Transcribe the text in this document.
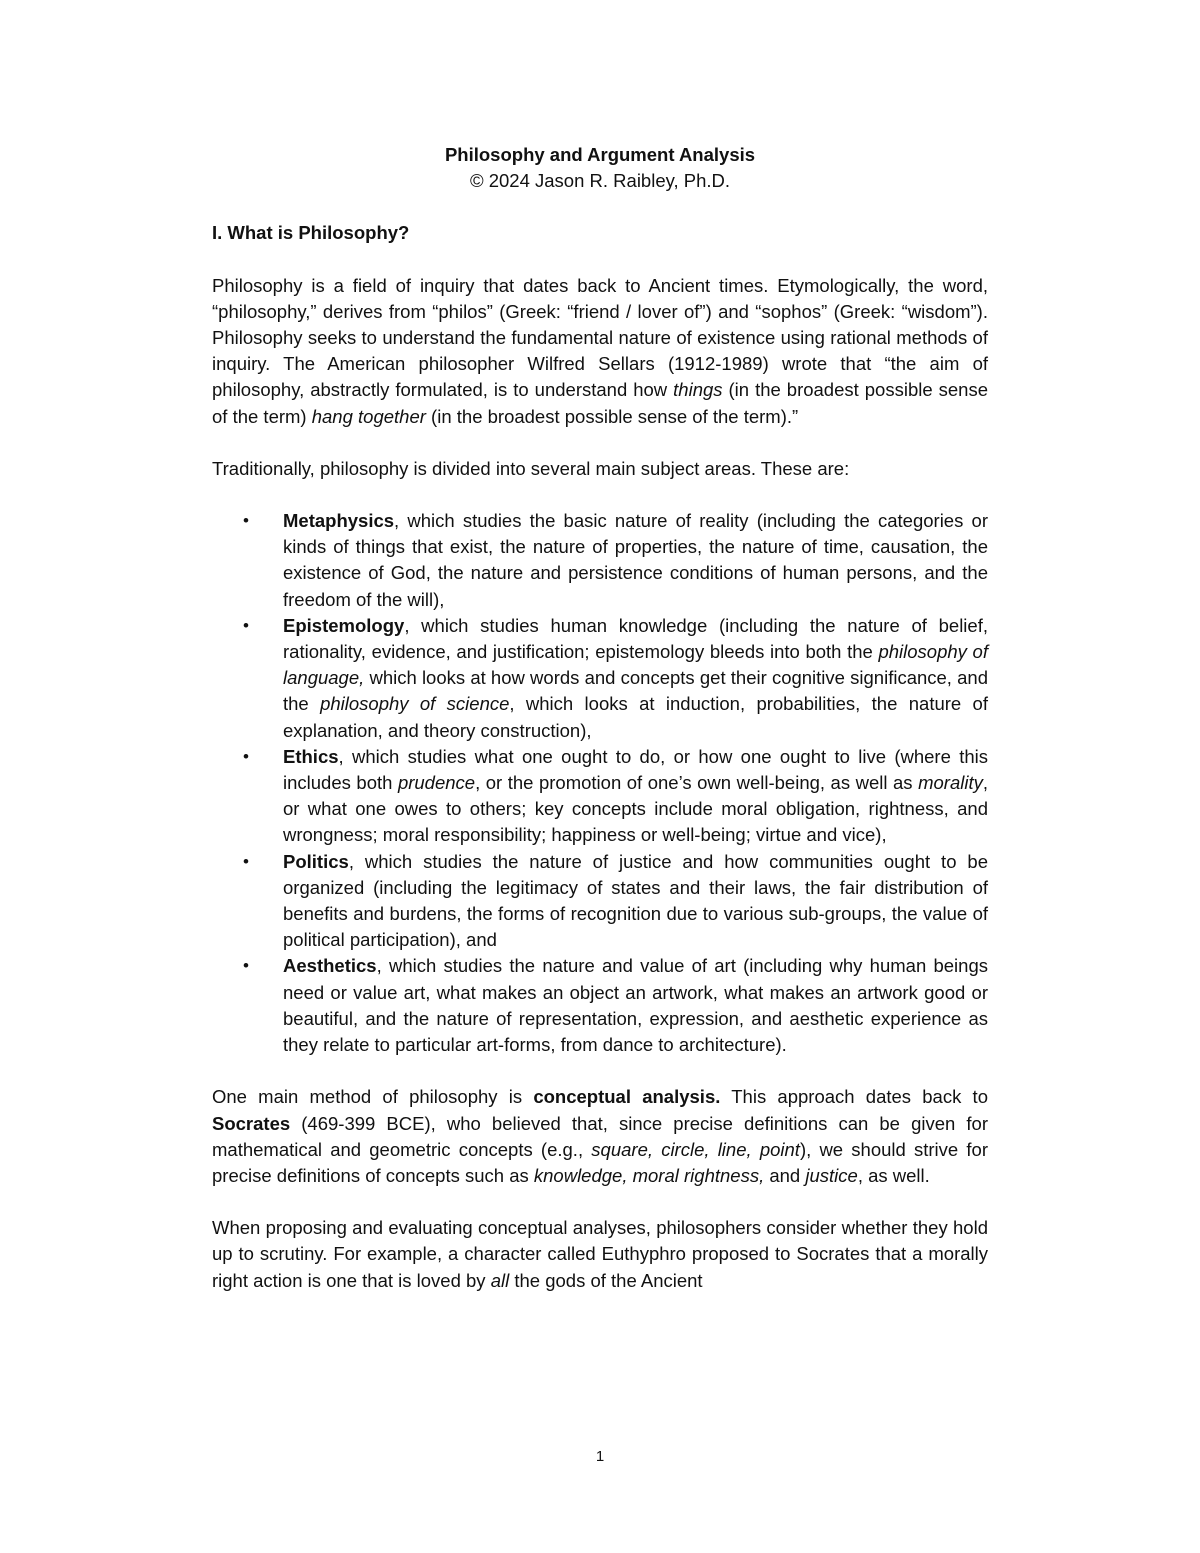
Philosophy and Argument Analysis

© 2024 Jason R. Raibley, Ph.D.

I. What is Philosophy?

Philosophy is a field of inquiry that dates back to Ancient times. Etymologically, the word, “philosophy,” derives from “philos” (Greek: “friend / lover of”) and “sophos” (Greek: “wisdom”). Philosophy seeks to understand the fundamental nature of existence using rational methods of inquiry. The American philosopher Wilfred Sellars (1912-1989) wrote that “the aim of philosophy, abstractly formulated, is to understand how things (in the broadest possible sense of the term) hang together (in the broadest possible sense of the term).”

Traditionally, philosophy is divided into several main subject areas. These are:

• Metaphysics, which studies the basic nature of reality (including the categories or kinds of things that exist, the nature of properties, the nature of time, causation, the existence of God, the nature and persistence conditions of human persons, and the freedom of the will),
• Epistemology, which studies human knowledge (including the nature of belief, rationality, evidence, and justification; epistemology bleeds into both the philosophy of language, which looks at how words and concepts get their cognitive significance, and the philosophy of science, which looks at induction, probabilities, the nature of explanation, and theory construction),
• Ethics, which studies what one ought to do, or how one ought to live (where this includes both prudence, or the promotion of one’s own well-being, as well as morality, or what one owes to others; key concepts include moral obligation, rightness, and wrongness; moral responsibility; happiness or well-being; virtue and vice),
• Politics, which studies the nature of justice and how communities ought to be organized (including the legitimacy of states and their laws, the fair distribution of benefits and burdens, the forms of recognition due to various sub-groups, the value of political participation), and
• Aesthetics, which studies the nature and value of art (including why human beings need or value art, what makes an object an artwork, what makes an artwork good or beautiful, and the nature of representation, expression, and aesthetic experience as they relate to particular art-forms, from dance to architecture).

One main method of philosophy is conceptual analysis. This approach dates back to Socrates (469-399 BCE), who believed that, since precise definitions can be given for mathematical and geometric concepts (e.g., square, circle, line, point), we should strive for precise definitions of concepts such as knowledge, moral rightness, and justice, as well.

When proposing and evaluating conceptual analyses, philosophers consider whether they hold up to scrutiny. For example, a character called Euthyphro proposed to Socrates that a morally right action is one that is loved by all the gods of the Ancient

1
